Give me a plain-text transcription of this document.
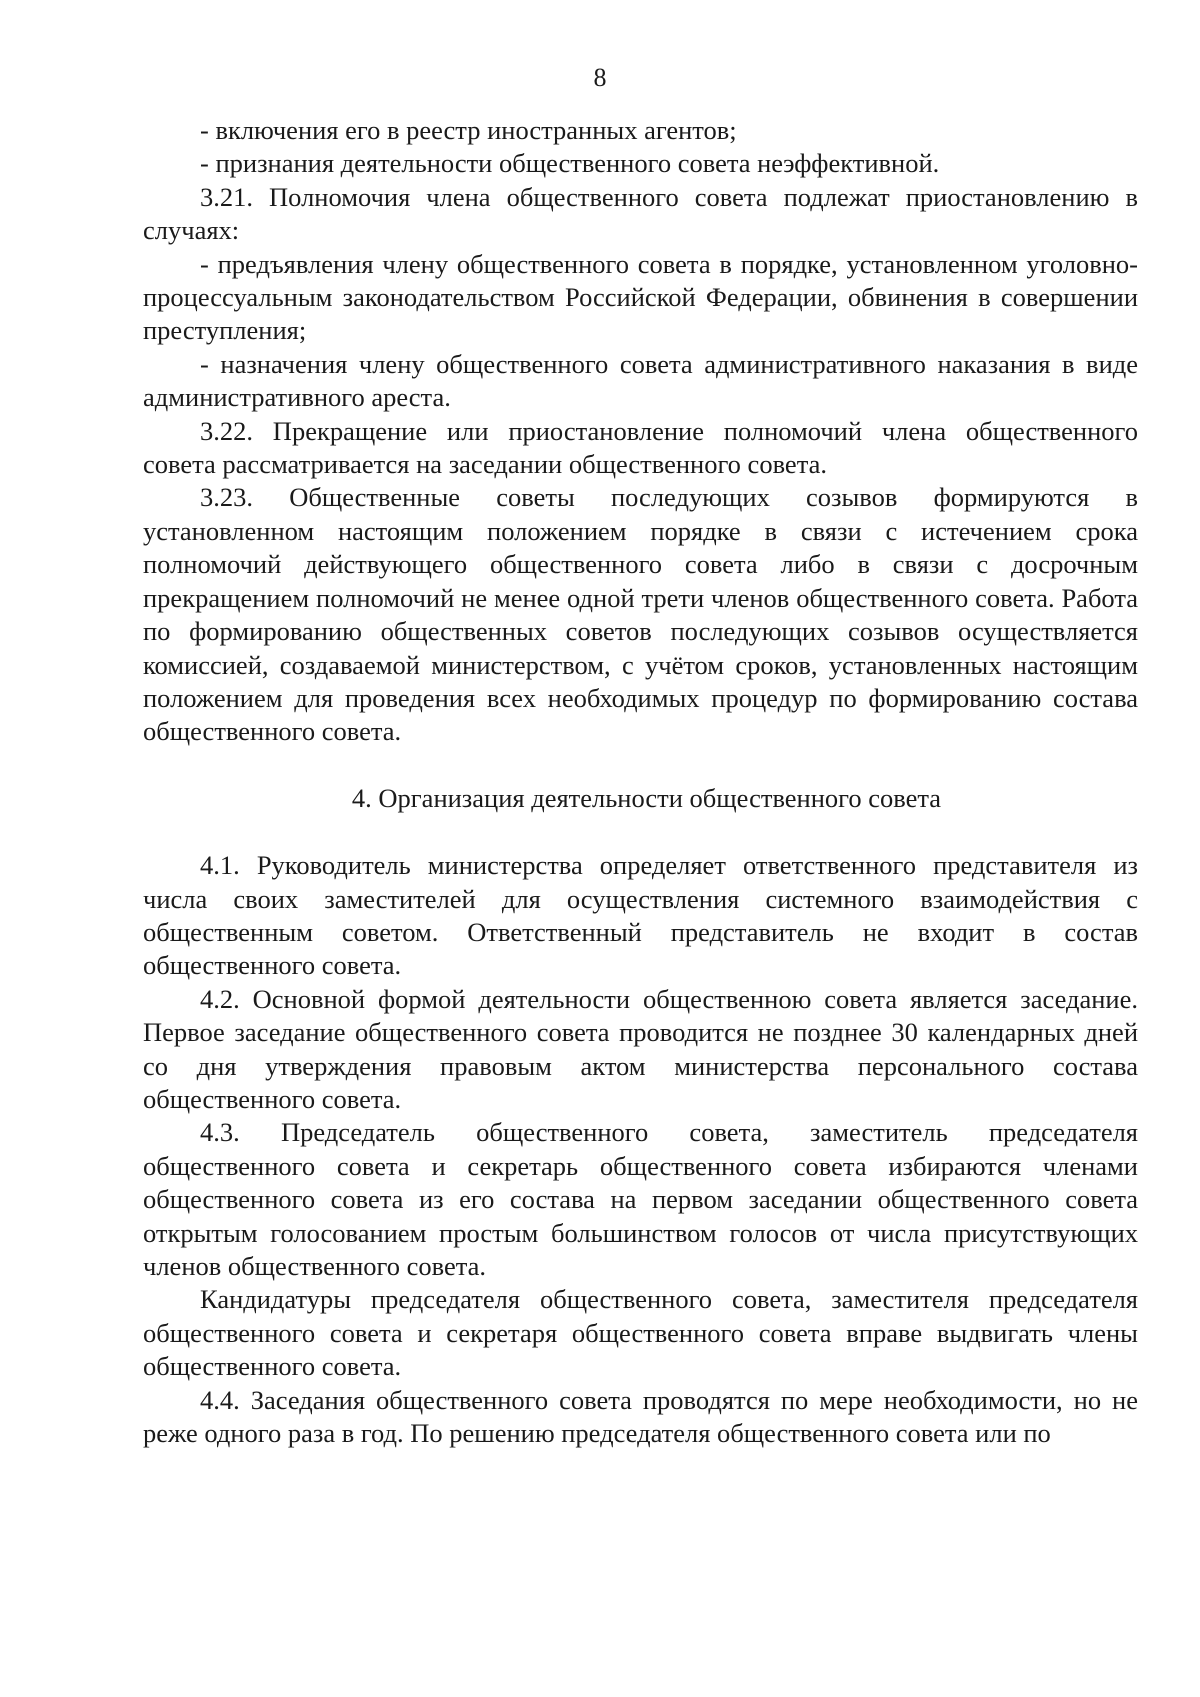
8

- включения его в реестр иностранных агентов;

- признания деятельности общественного совета неэффективной.

3.21. Полномочия члена общественного совета подлежат приостановлению в случаях:

- предъявления члену общественного совета в порядке, установленном уголовно-процессуальным законодательством Российской Федерации, обвинения в совершении преступления;

- назначения члену общественного совета административного наказания в виде административного ареста.

3.22. Прекращение или приостановление полномочий члена общественного совета рассматривается на заседании общественного совета.

3.23. Общественные советы последующих созывов формируются в установленном настоящим положением порядке в связи с истечением срока полномочий действующего общественного совета либо в связи с досрочным прекращением полномочий не менее одной трети членов общественного совета. Работа по формированию общественных советов последующих созывов осуществляется комиссией, создаваемой министерством, с учётом сроков, установленных настоящим положением для проведения всех необходимых процедур по формированию состава общественного совета.

4. Организация деятельности общественного совета

4.1. Руководитель министерства определяет ответственного представителя из числа своих заместителей для осуществления системного взаимодействия с общественным советом. Ответственный представитель не входит в состав общественного совета.

4.2. Основной формой деятельности общественною совета является заседание. Первое заседание общественного совета проводится не позднее 30 календарных дней со дня утверждения правовым актом министерства персонального состава общественного совета.

4.3. Председатель общественного совета, заместитель председателя общественного совета и секретарь общественного совета избираются членами общественного совета из его состава на первом заседании общественного совета открытым голосованием простым большинством голосов от числа присутствующих членов общественного совета.

Кандидатуры председателя общественного совета, заместителя председателя общественного совета и секретаря общественного совета вправе выдвигать члены общественного совета.

4.4. Заседания общественного совета проводятся по мере необходимости, но не реже одного раза в год. По решению председателя общественного совета или по
